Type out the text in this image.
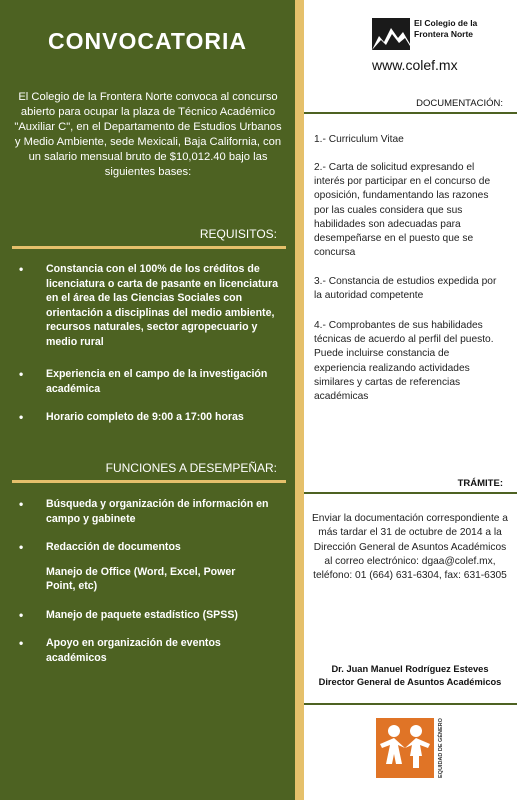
CONVOCATORIA
El Colegio de la Frontera Norte convoca al concurso abierto para ocupar la plaza de Técnico Académico "Auxiliar C", en el Departamento de Estudios Urbanos y Medio Ambiente, sede Mexicali, Baja California, con un salario mensual bruto de $10,012.40 bajo las siguientes bases:
REQUISITOS:
• Constancia con el 100% de los créditos de licenciatura o carta de pasante en licenciatura en el área de las Ciencias Sociales con orientación a disciplinas del medio ambiente, recursos naturales, sector agropecuario y medio rural
• Experiencia en el campo de la investigación académica
• Horario completo de 9:00 a 17:00 horas
FUNCIONES A DESEMPEÑAR:
• Búsqueda y organización de información en campo y gabinete
• Redacción de documentos
Manejo de Office (Word, Excel, Power Point, etc)
• Manejo de paquete estadístico (SPSS)
• Apoyo en organización de eventos académicos
El Colegio de la Frontera Norte
www.colef.mx
DOCUMENTACIÓN:
1.- Curriculum Vitae
2.- Carta de solicitud expresando el interés por participar en el concurso de oposición, fundamentando las razones por las cuales considera que sus habilidades son adecuadas para desempeñarse en el puesto que se concursa
3.- Constancia de estudios expedida por la autoridad competente
4.- Comprobantes de sus habilidades técnicas de acuerdo al perfil del puesto. Puede incluirse constancia de experiencia realizando actividades similares y cartas de referencias académicas
TRÁMITE:
Enviar la documentación correspondiente a más tardar el 31 de octubre de 2014 a la Dirección General de Asuntos Académicos al correo electrónico: dgaa@colef.mx, teléfono: 01 (664) 631-6304, fax: 631-6305
Dr. Juan Manuel Rodríguez Esteves
Director General de Asuntos Académicos
EQUIDAD DE GÉNERO
